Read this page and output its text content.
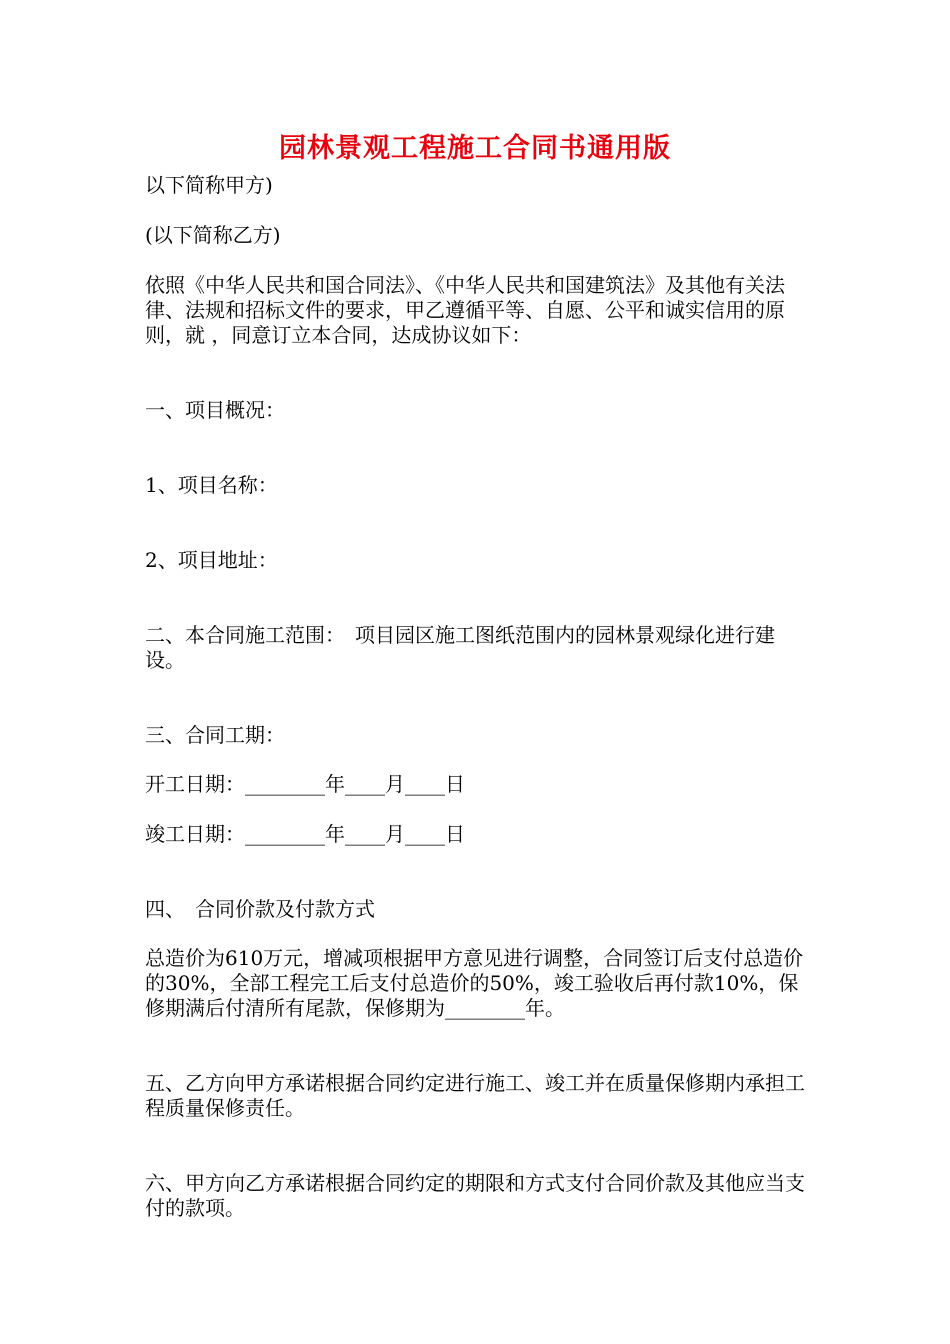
园林景观工程施工合同书通用版

以下简称甲方)

(以下简称乙方)

依照《中华人民共和国合同法》、《中华人民共和国建筑法》及其他有关法律、法规和招标文件的要求，甲乙遵循平等、自愿、公平和诚实信用的原则，就 ，同意订立本合同，达成协议如下：

一、项目概况：

1、项目名称：

2、项目地址：

二、本合同施工范围：　项目园区施工图纸范围内的园林景观绿化进行建设。

三、合同工期：

开工日期：________年____月____日

竣工日期：________年____月____日

四、　合同价款及付款方式

总造价为610万元，增减项根据甲方意见进行调整，合同签订后支付总造价的30%，全部工程完工后支付总造价的50%，竣工验收后再付款10%，保修期满后付清所有尾款，保修期为________年。

五、乙方向甲方承诺根据合同约定进行施工、竣工并在质量保修期内承担工程质量保修责任。

六、甲方向乙方承诺根据合同约定的期限和方式支付合同价款及其他应当支付的款项。
